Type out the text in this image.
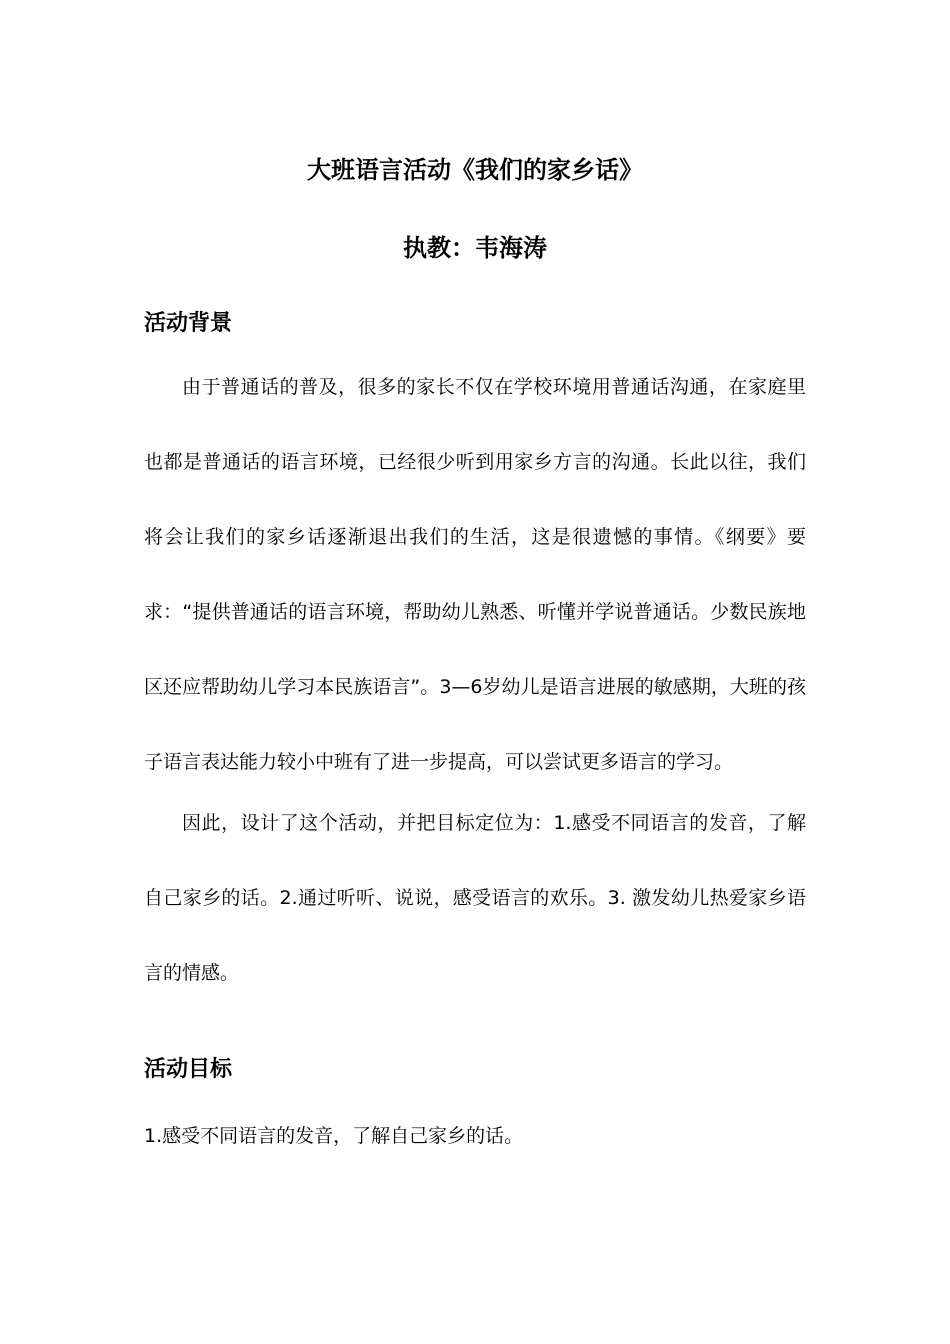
大班语言活动《我们的家乡话》
执教：韦海涛
活动背景

由于普通话的普及，很多的家长不仅在学校环境用普通话沟通，在家庭里也都是普通话的语言环境，已经很少听到用家乡方言的沟通。长此以往，我们将会让我们的家乡话逐渐退出我们的生活，这是很遗憾的事情。《纲要》要求：“提供普通话的语言环境，帮助幼儿熟悉、听懂并学说普通话。少数民族地区还应帮助幼儿学习本民族语言”。3—6岁幼儿是语言进展的敏感期，大班的孩子语言表达能力较小中班有了进一步提高，可以尝试更多语言的学习。

因此，设计了这个活动，并把目标定位为：1.感受不同语言的发音，了解自己家乡的话。2.通过听听、说说，感受语言的欢乐。3. 激发幼儿热爱家乡语言的情感。

活动目标

1.感受不同语言的发音，了解自己家乡的话。
